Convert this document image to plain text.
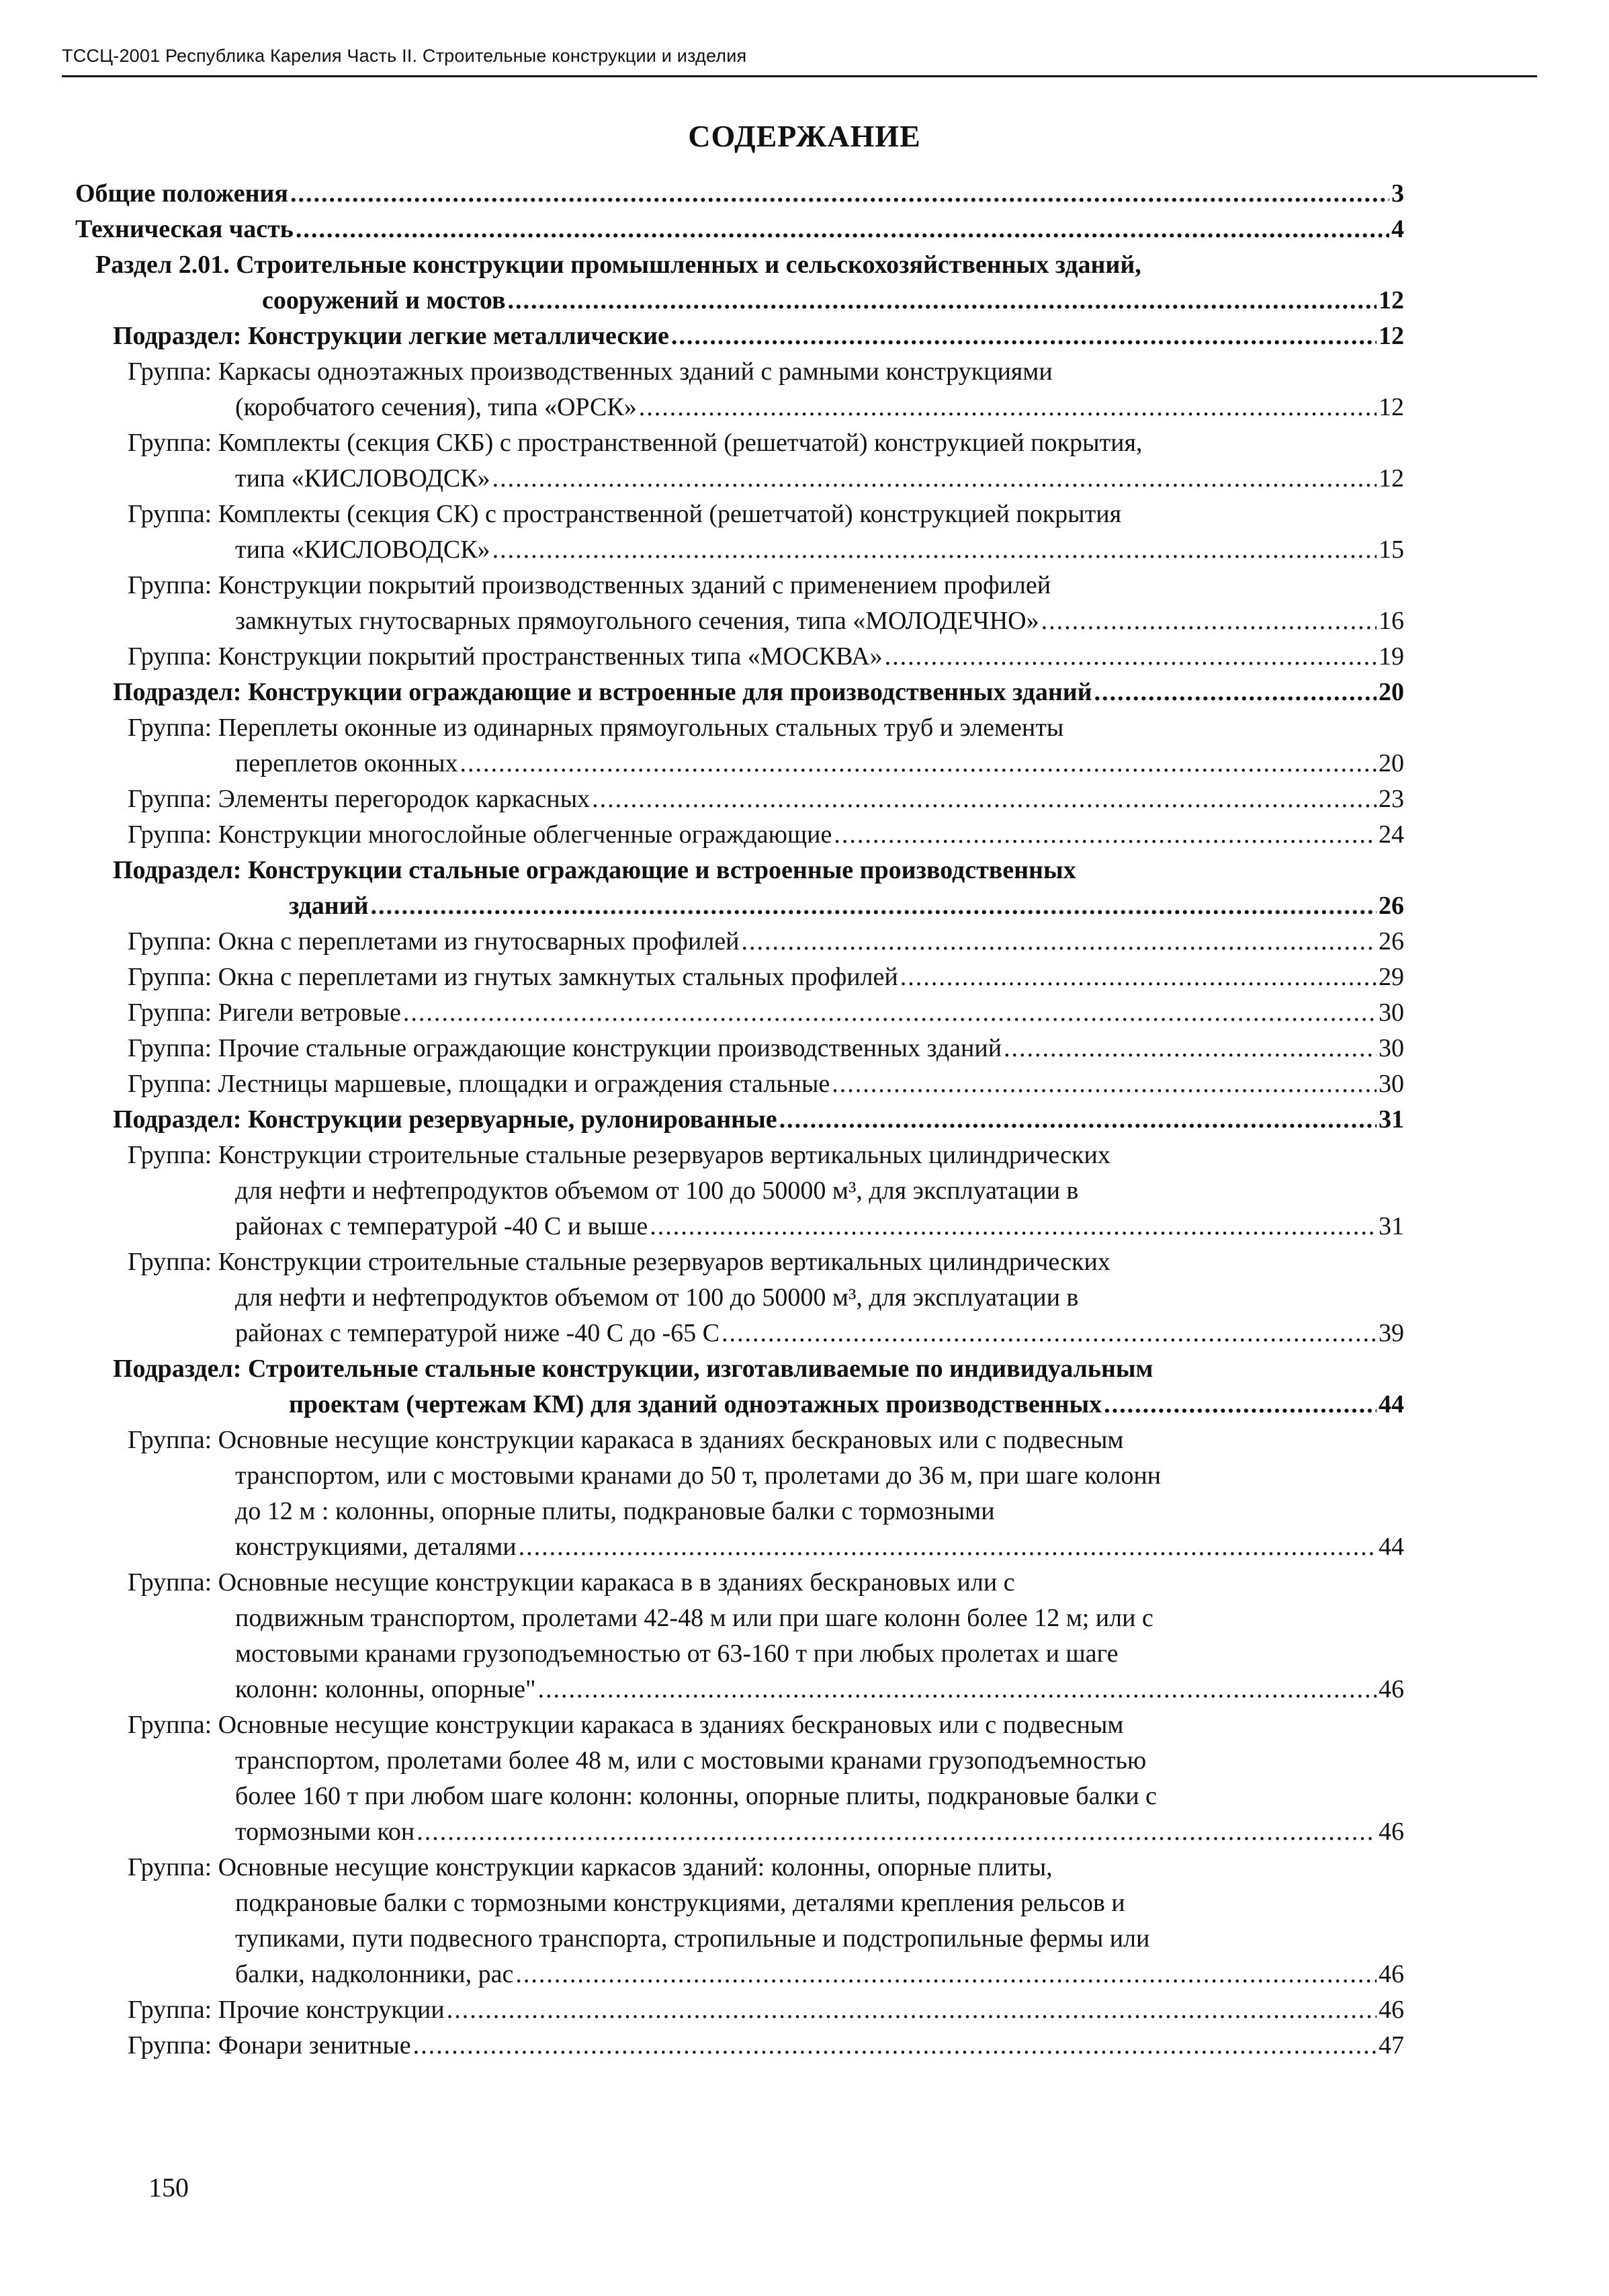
ТССЦ-2001 Республика Карелия Часть II. Строительные конструкции и изделия
СОДЕРЖАНИЕ
Общие положения .....	3
Техническая часть .....	4
Раздел 2.01. Строительные конструкции промышленных и сельскохозяйственных зданий,
сооружений и мостов .....	12
Подраздел: Конструкции легкие металлические .....	12
Группа: Каркасы одноэтажных производственных зданий с рамными конструкциями
(коробчатого сечения), типа «ОРСК» .....	12
Группа: Комплекты (секция СКБ) с пространственной (решетчатой) конструкцией покрытия,
типа «КИСЛОВОДСК» .....	12
Группа: Комплекты (секция СК) с пространственной (решетчатой) конструкцией покрытия
типа «КИСЛОВОДСК» .....	15
Группа: Конструкции покрытий производственных зданий с применением профилей
замкнутых гнутосварных прямоугольного сечения, типа «МОЛОДЕЧНО» .....	16
Группа: Конструкции покрытий пространственных типа «МОСКВА» .....	19
Подраздел: Конструкции ограждающие и встроенные для производственных зданий .....	20
Группа: Переплеты оконные из одинарных прямоугольных стальных труб и элементы
переплетов оконных .....	20
Группа: Элементы перегородок каркасных .....	23
Группа: Конструкции многослойные облегченные ограждающие .....	24
Подраздел: Конструкции стальные ограждающие и встроенные производственных
зданий .....	26
Группа: Окна с переплетами из гнутосварных профилей .....	26
Группа: Окна с переплетами из гнутых замкнутых стальных профилей .....	29
Группа: Ригели ветровые .....	30
Группа: Прочие стальные ограждающие конструкции производственных зданий .....	30
Группа: Лестницы маршевые, площадки и ограждения стальные .....	30
Подраздел: Конструкции резервуарные, рулонированные .....	31
Группа: Конструкции строительные стальные резервуаров вертикальных цилиндрических
для нефти и нефтепродуктов объемом от 100 до 50000 м³, для эксплуатации в
районах с температурой -40 С и выше .....	31
Группа: Конструкции строительные стальные резервуаров вертикальных цилиндрических
для нефти и нефтепродуктов объемом от 100 до 50000 м³, для эксплуатации в
районах с температурой ниже -40 С до -65 С .....	39
Подраздел: Строительные стальные конструкции, изготавливаемые по индивидуальным
проектам (чертежам КМ) для зданий одноэтажных производственных .....	44
Группа: Основные несущие конструкции каракаса в зданиях бескрановых или с подвесным
транспортом, или с мостовыми кранами до 50 т, пролетами до 36 м, при шаге колонн
до 12 м : колонны, опорные плиты, подкрановые балки с тормозными
конструкциями, деталями .....	44
Группа: Основные несущие конструкции каракаса в в зданиях бескрановых или с
подвижным транспортом, пролетами 42-48 м или при шаге колонн более 12 м; или с
мостовыми кранами грузоподъемностью от 63-160 т при любых пролетах и шаге
колонн: колонны, опорные" .....	46
Группа: Основные несущие конструкции каракаса в зданиях бескрановых или с подвесным
транспортом, пролетами более 48 м, или с мостовыми кранами грузоподъемностью
более 160 т при любом шаге колонн: колонны, опорные плиты, подкрановые балки с
тормозными кон .....	46
Группа: Основные несущие конструкции каркасов зданий: колонны, опорные плиты,
подкрановые балки с тормозными конструкциями, деталями крепления рельсов и
тупиками, пути подвесного транспорта, стропильные и подстропильные фермы или
балки, надколонники, рас .....	46
Группа: Прочие конструкции .....	46
Группа: Фонари зенитные .....	47
150
